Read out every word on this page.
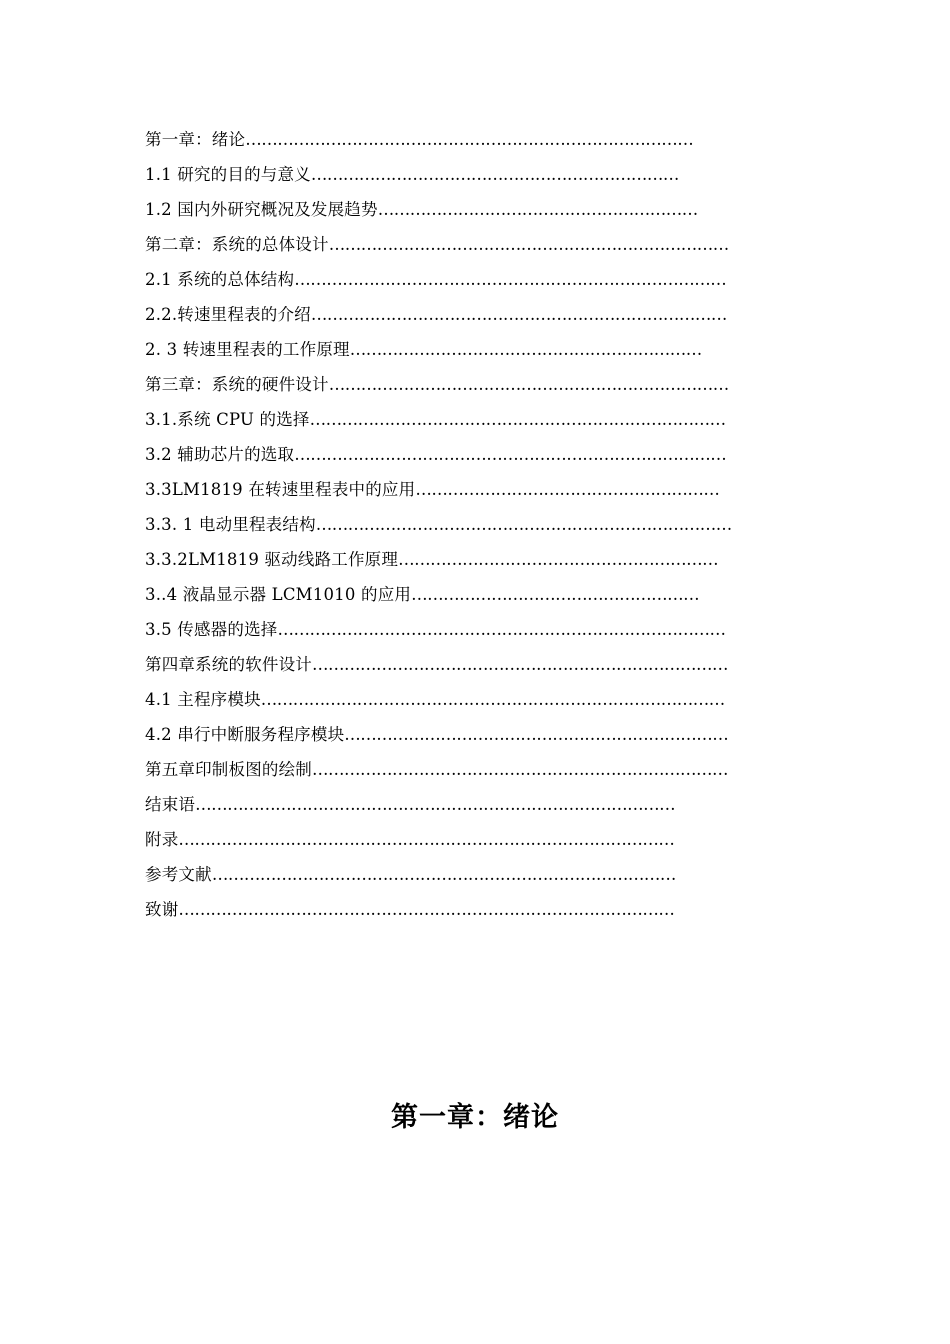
第一章：绪论 …………………………………………………………………………
1.1 研究的目的与意义 ……………………………………………………………
1.2 国内外研究概况及发展趋势 ……………………………………………………
第二章：系统的总体设计 …………………………………………………………………
2.1 系统的总体结构 ………………………………………………………………………
2.2.转速里程表的介绍 ……………………………………………………………………
2. 3 转速里程表的工作原理 …………………………………………………………
第三章：系统的硬件设计 …………………………………………………………………
3.1.系统 CPU 的选择 ……………………………………………………………………
3.2 辅助芯片的选取 ………………………………………………………………………
3.3LM1819 在转速里程表中的应用 …………………………………………………
3.3. 1 电动里程表结构 ……………………………………………………………………
3.3.2LM1819 驱动线路工作原理 ……………………………………………………
3..4 液晶显示器 LCM1010 的应用 ………………………………………………
3.5 传感器的选择 …………………………………………………………………………
第四章系统的软件设计 ……………………………………………………………………
4.1 主程序模块 ……………………………………………………………………………
4.2 串行中断服务程序模块 ………………………………………………………………
第五章印制板图的绘制 ……………………………………………………………………
结束语 ………………………………………………………………………………
附录 …………………………………………………………………………………
参考文献 ……………………………………………………………………………
致谢 …………………………………………………………………………………
第一章：绪论
